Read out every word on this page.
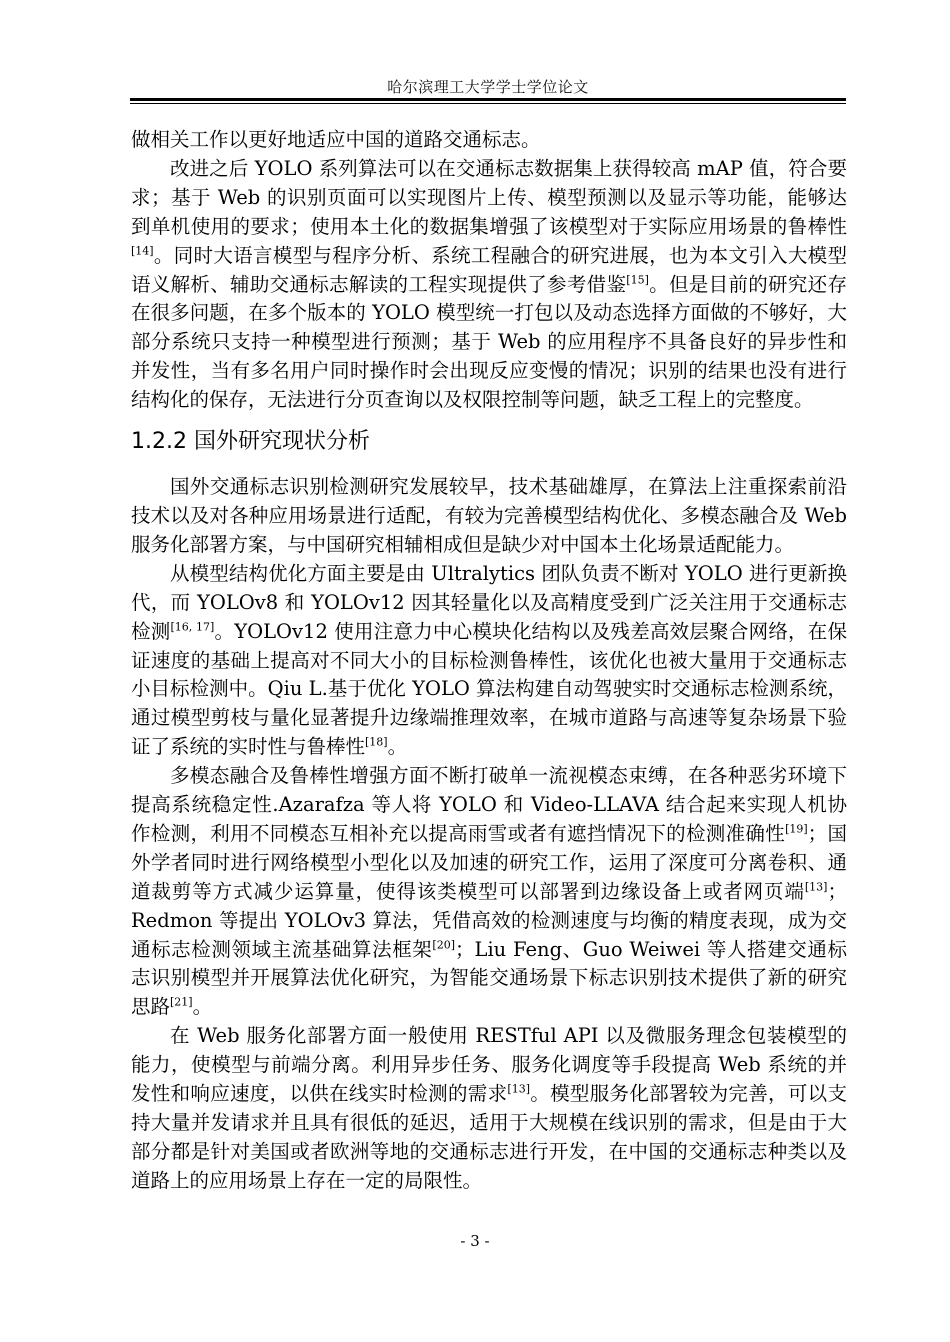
哈尔滨理工大学学士学位论文

做相关工作以更好地适应中国的道路交通标志。

改进之后 YOLO 系列算法可以在交通标志数据集上获得较高 mAP 值，符合要求；基于 Web 的识别页面可以实现图片上传、模型预测以及显示等功能，能够达到单机使用的要求；使用本土化的数据集增强了该模型对于实际应用场景的鲁棒性[14]。同时大语言模型与程序分析、系统工程融合的研究进展，也为本文引入大模型语义解析、辅助交通标志解读的工程实现提供了参考借鉴[15]。但是目前的研究还存在很多问题，在多个版本的 YOLO 模型统一打包以及动态选择方面做的不够好，大部分系统只支持一种模型进行预测；基于 Web 的应用程序不具备良好的异步性和并发性，当有多名用户同时操作时会出现反应变慢的情况；识别的结果也没有进行结构化的保存，无法进行分页查询以及权限控制等问题，缺乏工程上的完整度。

1.2.2 国外研究现状分析

国外交通标志识别检测研究发展较早，技术基础雄厚，在算法上注重探索前沿技术以及对各种应用场景进行适配，有较为完善模型结构优化、多模态融合及 Web 服务化部署方案，与中国研究相辅相成但是缺少对中国本土化场景适配能力。

从模型结构优化方面主要是由 Ultralytics 团队负责不断对 YOLO 进行更新换代，而 YOLOv8 和 YOLOv12 因其轻量化以及高精度受到广泛关注用于交通标志检测[16, 17]。YOLOv12 使用注意力中心模块化结构以及残差高效层聚合网络，在保证速度的基础上提高对不同大小的目标检测鲁棒性，该优化也被大量用于交通标志小目标检测中。Qiu L.基于优化 YOLO 算法构建自动驾驶实时交通标志检测系统，通过模型剪枝与量化显著提升边缘端推理效率，在城市道路与高速等复杂场景下验证了系统的实时性与鲁棒性[18]。

多模态融合及鲁棒性增强方面不断打破单一流视模态束缚，在各种恶劣环境下提高系统稳定性.Azarafza 等人将 YOLO 和 Video-LLAVA 结合起来实现人机协作检测，利用不同模态互相补充以提高雨雪或者有遮挡情况下的检测准确性[19]；国外学者同时进行网络模型小型化以及加速的研究工作，运用了深度可分离卷积、通道裁剪等方式减少运算量，使得该类模型可以部署到边缘设备上或者网页端[13]；Redmon 等提出 YOLOv3 算法，凭借高效的检测速度与均衡的精度表现，成为交通标志检测领域主流基础算法框架[20]；Liu Feng、Guo Weiwei 等人搭建交通标志识别模型并开展算法优化研究，为智能交通场景下标志识别技术提供了新的研究思路[21]。

在 Web 服务化部署方面一般使用 RESTful API 以及微服务理念包装模型的能力，使模型与前端分离。利用异步任务、服务化调度等手段提高 Web 系统的并发性和响应速度，以供在线实时检测的需求[13]。模型服务化部署较为完善，可以支持大量并发请求并且具有很低的延迟，适用于大规模在线识别的需求，但是由于大部分都是针对美国或者欧洲等地的交通标志进行开发，在中国的交通标志种类以及道路上的应用场景上存在一定的局限性。

- 3 -
